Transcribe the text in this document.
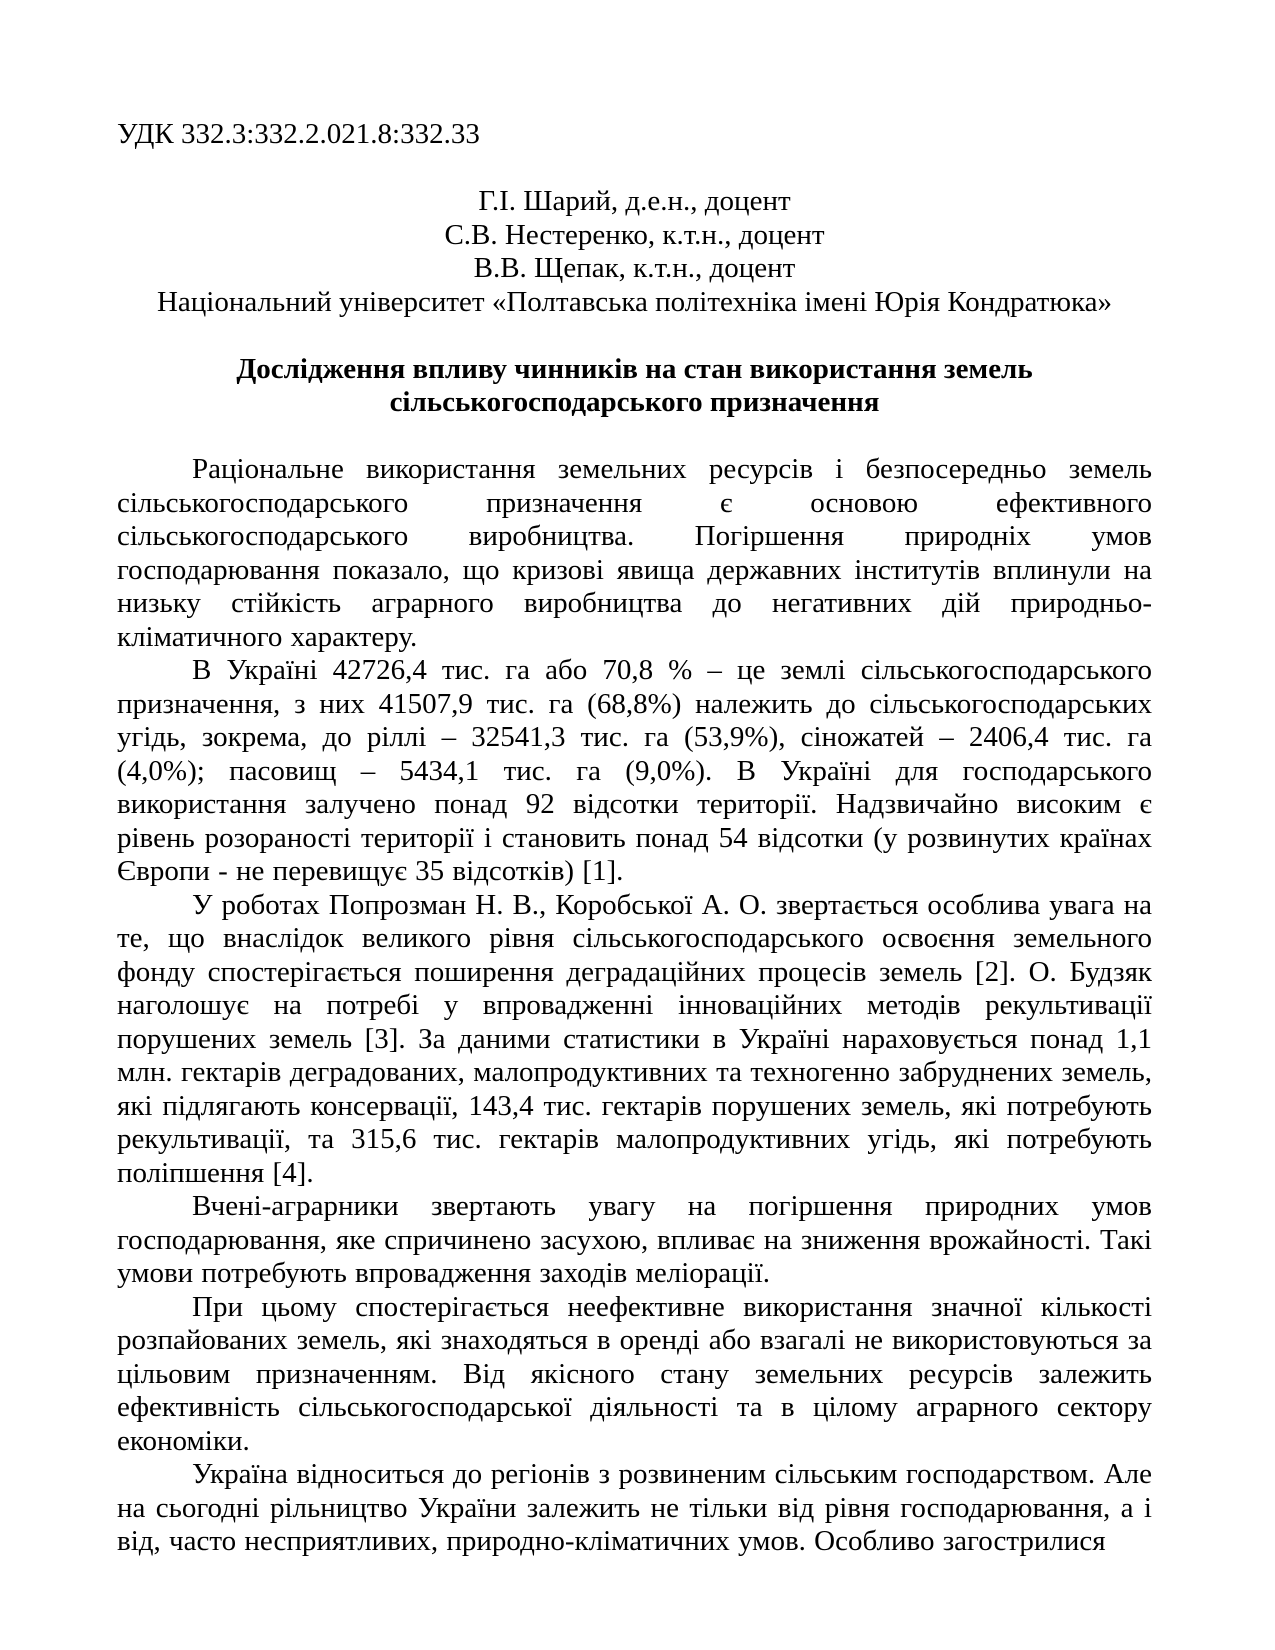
УДК 332.3:332.2.021.8:332.33
Г.І. Шарий, д.е.н., доцент
С.В. Нестеренко, к.т.н., доцент
В.В. Щепак, к.т.н., доцент
Національний університет «Полтавська політехніка імені Юрія Кондратюка»
Дослідження впливу чинників на стан використання земель сільськогосподарського призначення

Раціональне використання земельних ресурсів і безпосередньо земель сільськогосподарського призначення є основою ефективного сільськогосподарського виробництва. Погіршення природніх умов господарювання показало, що кризові явища державних інститутів вплинули на низьку стійкість аграрного виробництва до негативних дій природньо-кліматичного характеру.

В Україні 42726,4 тис. га або 70,8 % – це землі сільськогосподарського призначення, з них 41507,9 тис. га (68,8%) належить до сільськогосподарських угідь, зокрема, до ріллі – 32541,3 тис. га (53,9%), сіножатей – 2406,4 тис. га (4,0%); пасовищ – 5434,1 тис. га (9,0%). В Україні для господарського використання залучено понад 92 відсотки території. Надзвичайно високим є рівень розораності території і становить понад 54 відсотки (у розвинутих країнах Європи - не перевищує 35 відсотків) [1].

У роботах Попрозман Н. В., Коробської А. О. звертається особлива увага на те, що внаслідок великого рівня сільськогосподарського освоєння земельного фонду спостерігається поширення деградаційних процесів земель [2]. О. Будзяк наголошує на потребі у впровадженні інноваційних методів рекультивації порушених земель [3]. За даними статистики в Україні нараховується понад 1,1 млн. гектарів деградованих, малопродуктивних та техногенно забруднених земель, які підлягають консервації, 143,4 тис. гектарів порушених земель, які потребують рекультивації, та 315,6 тис. гектарів малопродуктивних угідь, які потребують поліпшення [4].

Вчені-аграрники звертають увагу на погіршення природних умов господарювання, яке спричинено засухою, впливає на зниження врожайності. Такі умови потребують впровадження заходів меліорації.

При цьому спостерігається неефективне використання значної кількості розпайованих земель, які знаходяться в оренді або взагалі не використовуються за цільовим призначенням. Від якісного стану земельних ресурсів залежить ефективність сільськогосподарської діяльності та в цілому аграрного сектору економіки.

Україна відноситься до регіонів з розвиненим сільським господарством. Але на сьогодні рільництво України залежить не тільки від рівня господарювання, а і від, часто несприятливих, природно-кліматичних умов. Особливо загострилися
